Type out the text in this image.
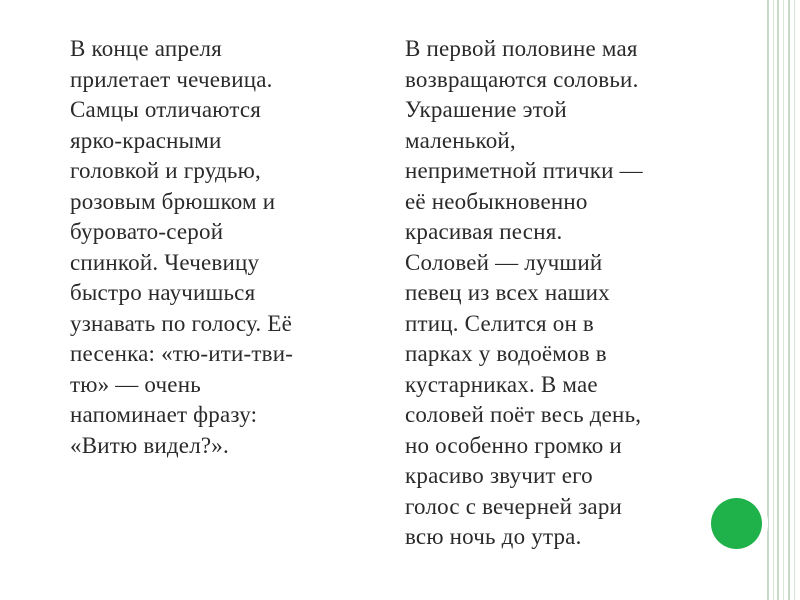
В конце апреля
прилетает чечевица.
Самцы отличаются
ярко-красными
головкой и грудью,
розовым брюшком и
буровато-серой
спинкой. Чечевицу
быстро научишься
узнавать по голосу. Её
песенка: «тю-ити-тви-
тю» — очень
напоминает фразу:
«Витю видел?».
В первой половине мая
возвращаются соловьи.
Украшение этой
маленькой,
неприметной птички —
её необыкновенно
красивая песня.
Соловей — лучший
певец из всех наших
птиц. Селится он в
парках у водоёмов в
кустарниках. В мае
соловей поёт весь день,
но особенно громко и
красиво звучит его
голос с вечерней зари
всю ночь до утра.
